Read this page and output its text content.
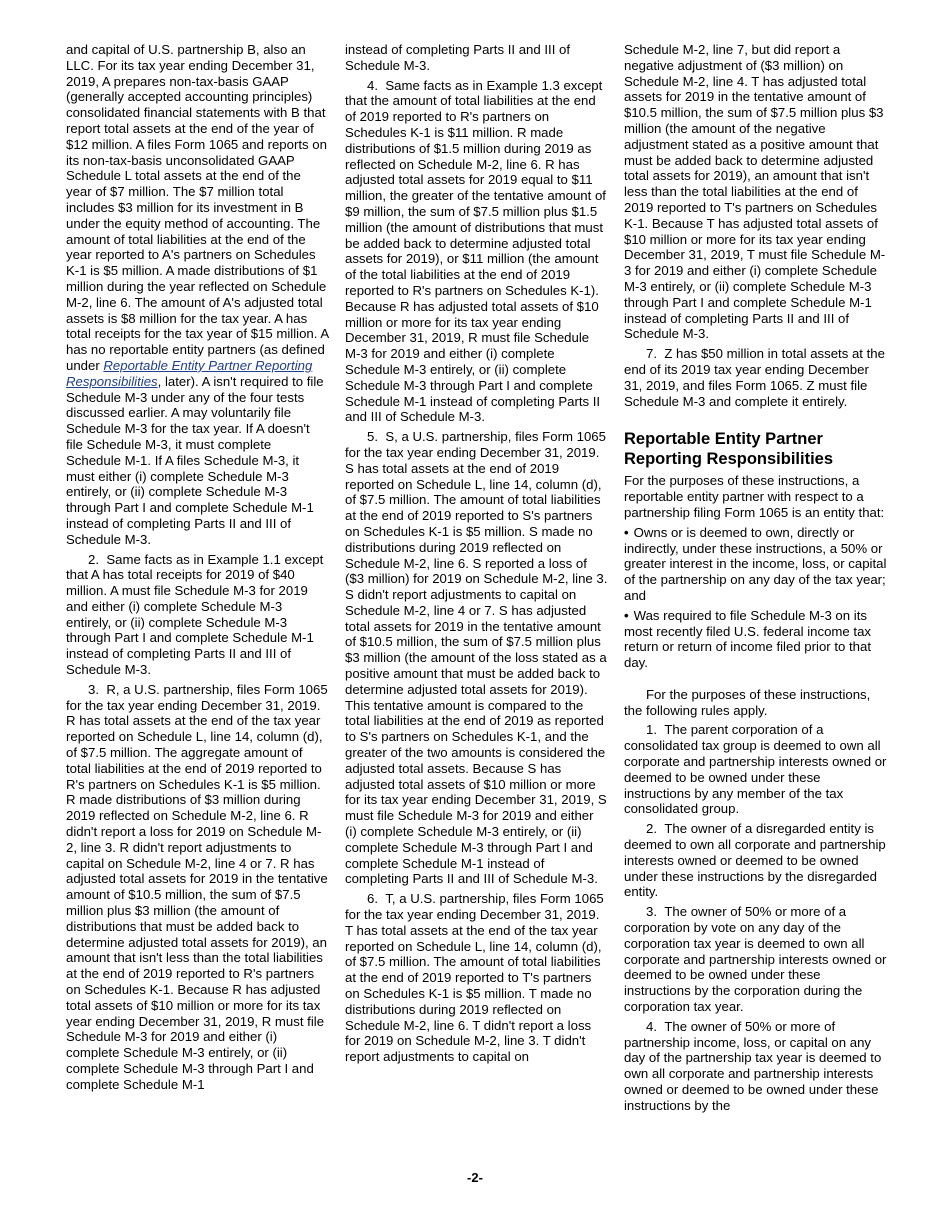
and capital of U.S. partnership B, also an LLC. For its tax year ending December 31, 2019, A prepares non-tax-basis GAAP (generally accepted accounting principles) consolidated financial statements with B that report total assets at the end of the year of $12 million. A files Form 1065 and reports on its non-tax-basis unconsolidated GAAP Schedule L total assets at the end of the year of $7 million. The $7 million total includes $3 million for its investment in B under the equity method of accounting. The amount of total liabilities at the end of the year reported to A's partners on Schedules K-1 is $5 million. A made distributions of $1 million during the year reflected on Schedule M-2, line 6. The amount of A's adjusted total assets is $8 million for the tax year. A has total receipts for the tax year of $15 million. A has no reportable entity partners (as defined under Reportable Entity Partner Reporting Responsibilities, later). A isn't required to file Schedule M-3 under any of the four tests discussed earlier. A may voluntarily file Schedule M-3 for the tax year. If A doesn't file Schedule M-3, it must complete Schedule M-1. If A files Schedule M-3, it must either (i) complete Schedule M-3 entirely, or (ii) complete Schedule M-3 through Part I and complete Schedule M-1 instead of completing Parts II and III of Schedule M-3.

2.  Same facts as in Example 1.1 except that A has total receipts for 2019 of $40 million. A must file Schedule M-3 for 2019 and either (i) complete Schedule M-3 entirely, or (ii) complete Schedule M-3 through Part I and complete Schedule M-1 instead of completing Parts II and III of Schedule M-3.

3.  R, a U.S. partnership, files Form 1065 for the tax year ending December 31, 2019. R has total assets at the end of the tax year reported on Schedule L, line 14, column (d), of $7.5 million. The aggregate amount of total liabilities at the end of 2019 reported to R's partners on Schedules K-1 is $5 million. R made distributions of $3 million during 2019 reflected on Schedule M-2, line 6. R didn't report a loss for 2019 on Schedule M-2, line 3. R didn't report adjustments to capital on Schedule M-2, line 4 or 7. R has adjusted total assets for 2019 in the tentative amount of $10.5 million, the sum of $7.5 million plus $3 million (the amount of distributions that must be added back to determine adjusted total assets for 2019), an amount that isn't less than the total liabilities at the end of 2019 reported to R's partners on Schedules K-1. Because R has adjusted total assets of $10 million or more for its tax year ending December 31, 2019, R must file Schedule M-3 for 2019 and either (i) complete Schedule M-3 entirely, or (ii) complete Schedule M-3 through Part I and complete Schedule M-1

instead of completing Parts II and III of Schedule M-3.

4.  Same facts as in Example 1.3 except that the amount of total liabilities at the end of 2019 reported to R's partners on Schedules K-1 is $11 million. R made distributions of $1.5 million during 2019 as reflected on Schedule M-2, line 6. R has adjusted total assets for 2019 equal to $11 million, the greater of the tentative amount of $9 million, the sum of $7.5 million plus $1.5 million (the amount of distributions that must be added back to determine adjusted total assets for 2019), or $11 million (the amount of the total liabilities at the end of 2019 reported to R's partners on Schedules K-1). Because R has adjusted total assets of $10 million or more for its tax year ending December 31, 2019, R must file Schedule M-3 for 2019 and either (i) complete Schedule M-3 entirely, or (ii) complete Schedule M-3 through Part I and complete Schedule M-1 instead of completing Parts II and III of Schedule M-3.

5.  S, a U.S. partnership, files Form 1065 for the tax year ending December 31, 2019. S has total assets at the end of 2019 reported on Schedule L, line 14, column (d), of $7.5 million. The amount of total liabilities at the end of 2019 reported to S's partners on Schedules K-1 is $5 million. S made no distributions during 2019 reflected on Schedule M-2, line 6. S reported a loss of ($3 million) for 2019 on Schedule M-2, line 3. S didn't report adjustments to capital on Schedule M-2, line 4 or 7. S has adjusted total assets for 2019 in the tentative amount of $10.5 million, the sum of $7.5 million plus $3 million (the amount of the loss stated as a positive amount that must be added back to determine adjusted total assets for 2019). This tentative amount is compared to the total liabilities at the end of 2019 as reported to S's partners on Schedules K-1, and the greater of the two amounts is considered the adjusted total assets. Because S has adjusted total assets of $10 million or more for its tax year ending December 31, 2019, S must file Schedule M-3 for 2019 and either (i) complete Schedule M-3 entirely, or (ii) complete Schedule M-3 through Part I and complete Schedule M-1 instead of completing Parts II and III of Schedule M-3.

6.  T, a U.S. partnership, files Form 1065 for the tax year ending December 31, 2019. T has total assets at the end of the tax year reported on Schedule L, line 14, column (d), of $7.5 million. The amount of total liabilities at the end of 2019 reported to T's partners on Schedules K-1 is $5 million. T made no distributions during 2019 reflected on Schedule M-2, line 6. T didn't report a loss for 2019 on Schedule M-2, line 3. T didn't report adjustments to capital on

Schedule M-2, line 7, but did report a negative adjustment of ($3 million) on Schedule M-2, line 4. T has adjusted total assets for 2019 in the tentative amount of $10.5 million, the sum of $7.5 million plus $3 million (the amount of the negative adjustment stated as a positive amount that must be added back to determine adjusted total assets for 2019), an amount that isn't less than the total liabilities at the end of 2019 reported to T's partners on Schedules K-1. Because T has adjusted total assets of $10 million or more for its tax year ending December 31, 2019, T must file Schedule M-3 for 2019 and either (i) complete Schedule M-3 entirely, or (ii) complete Schedule M-3 through Part I and complete Schedule M-1 instead of completing Parts II and III of Schedule M-3.

7.  Z has $50 million in total assets at the end of its 2019 tax year ending December 31, 2019, and files Form 1065. Z must file Schedule M-3 and complete it entirely.

Reportable Entity Partner Reporting Responsibilities

For the purposes of these instructions, a reportable entity partner with respect to a partnership filing Form 1065 is an entity that:

• Owns or is deemed to own, directly or indirectly, under these instructions, a 50% or greater interest in the income, loss, or capital of the partnership on any day of the tax year; and

• Was required to file Schedule M-3 on its most recently filed U.S. federal income tax return or return of income filed prior to that day.

For the purposes of these instructions, the following rules apply.

1.  The parent corporation of a consolidated tax group is deemed to own all corporate and partnership interests owned or deemed to be owned under these instructions by any member of the tax consolidated group.

2.  The owner of a disregarded entity is deemed to own all corporate and partnership interests owned or deemed to be owned under these instructions by the disregarded entity.

3.  The owner of 50% or more of a corporation by vote on any day of the corporation tax year is deemed to own all corporate and partnership interests owned or deemed to be owned under these instructions by the corporation during the corporation tax year.

4.  The owner of 50% or more of partnership income, loss, or capital on any day of the partnership tax year is deemed to own all corporate and partnership interests owned or deemed to be owned under these instructions by the

-2-
